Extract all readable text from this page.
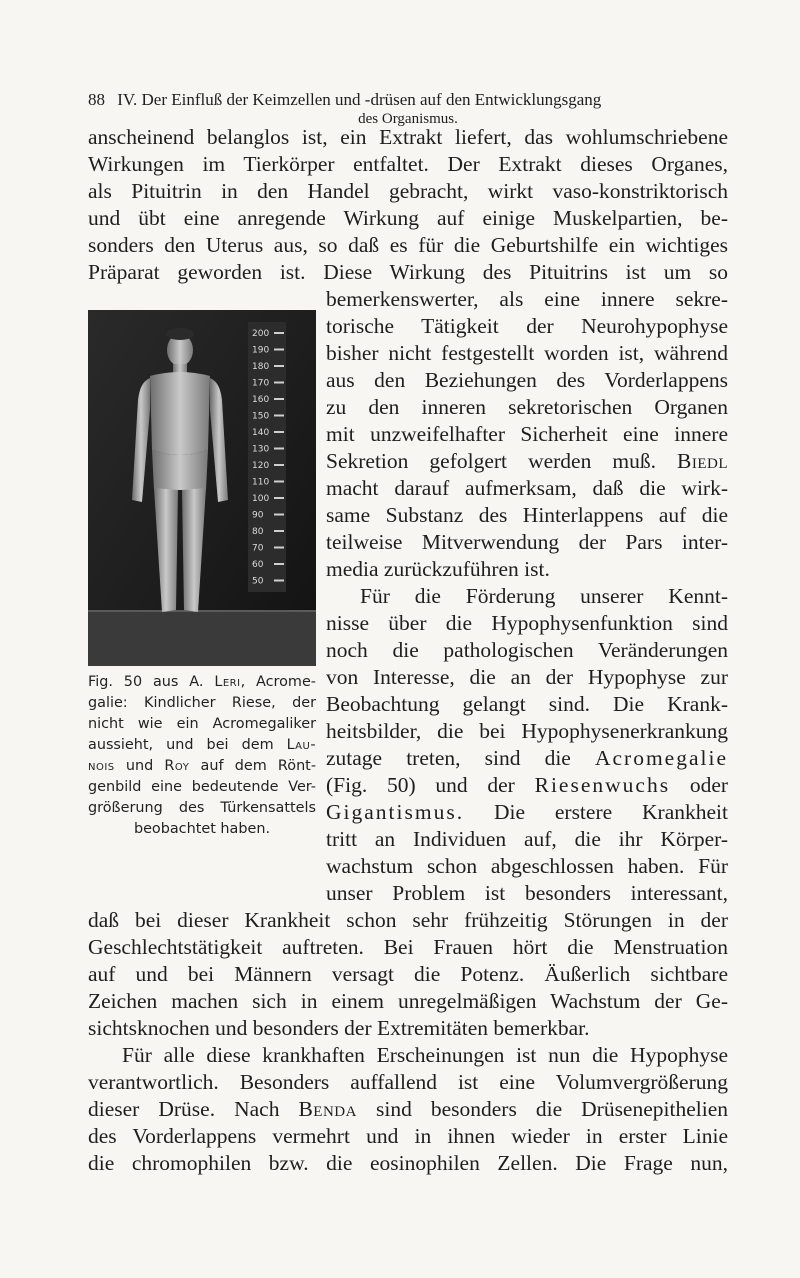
88 IV. Der Einfluß der Keimzellen und -drüsen auf den Entwicklungsgang
des Organismus.
anscheinend belanglos ist, ein Extrakt liefert, das wohlumschriebene
Wirkungen im Tierkörper entfaltet. Der Extrakt dieses Organes,
als Pituitrin in den Handel gebracht, wirkt vaso-konstriktorisch
und übt eine anregende Wirkung auf einige Muskelpartien, be-
sonders den Uterus aus, so daß es für die Geburtshilfe ein wichtiges
Präparat geworden ist. Diese Wirkung des Pituitrins ist um so
200
190
180
170
160
150
140
130
120
110
100
90
80
70
60
50
Fig. 50 aus A. Leri, Acrome-
galie: Kindlicher Riese, der
nicht wie ein Acromegaliker
aussieht, und bei dem Lau-
nois und Roy auf dem Rönt-
genbild eine bedeutende Ver-
größerung des Türkensattels
beobachtet haben.
bemerkenswerter, als eine innere sekre-
torische Tätigkeit der Neurohypophyse
bisher nicht festgestellt worden ist, während
aus den Beziehungen des Vorderlappens
zu den inneren sekretorischen Organen
mit unzweifelhafter Sicherheit eine innere
Sekretion gefolgert werden muß. Biedl
macht darauf aufmerksam, daß die wirk-
same Substanz des Hinterlappens auf die
teilweise Mitverwendung der Pars inter-
media zurückzuführen ist.
Für die Förderung unserer Kennt-
nisse über die Hypophysenfunktion sind
noch die pathologischen Veränderungen
von Interesse, die an der Hypophyse zur
Beobachtung gelangt sind. Die Krank-
heitsbilder, die bei Hypophysenerkrankung
zutage treten, sind die Acromegalie
(Fig. 50) und der Riesenwuchs oder
Gigantismus. Die erstere Krankheit
tritt an Individuen auf, die ihr Körper-
wachstum schon abgeschlossen haben. Für
unser Problem ist besonders interessant,
daß bei dieser Krankheit schon sehr frühzeitig Störungen in der
Geschlechtstätigkeit auftreten. Bei Frauen hört die Menstruation
auf und bei Männern versagt die Potenz. Äußerlich sichtbare
Zeichen machen sich in einem unregelmäßigen Wachstum der Ge-
sichtsknochen und besonders der Extremitäten bemerkbar.
Für alle diese krankhaften Erscheinungen ist nun die Hypophyse
verantwortlich. Besonders auffallend ist eine Volumvergrößerung
dieser Drüse. Nach Benda sind besonders die Drüsenepithelien
des Vorderlappens vermehrt und in ihnen wieder in erster Linie
die chromophilen bzw. die eosinophilen Zellen. Die Frage nun,
